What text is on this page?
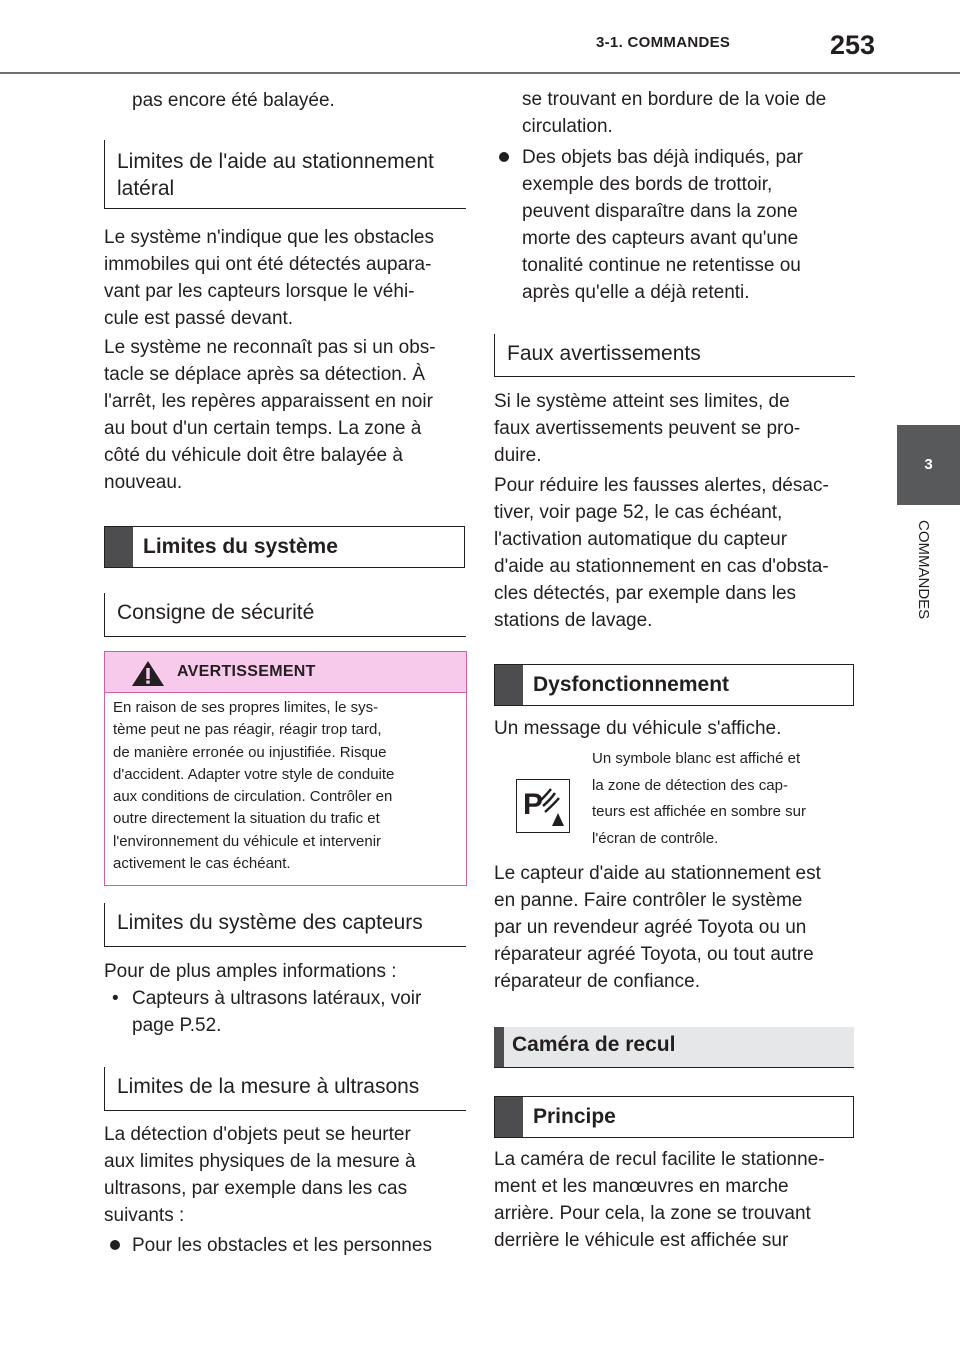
3-1. COMMANDES	253
3
COMMANDES
pas encore été balayée.
Limites de l'aide au stationnement
latéral
Le système n'indique que les obstacles
immobiles qui ont été détectés aupara-
vant par les capteurs lorsque le véhi-
cule est passé devant.
Le système ne reconnaît pas si un obs-
tacle se déplace après sa détection. À
l'arrêt, les repères apparaissent en noir
au bout d'un certain temps. La zone à
côté du véhicule doit être balayée à
nouveau.
Limites du système
Consigne de sécurité
AVERTISSEMENT
En raison de ses propres limites, le sys-
tème peut ne pas réagir, réagir trop tard,
de manière erronée ou injustifiée. Risque
d'accident. Adapter votre style de conduite
aux conditions de circulation. Contrôler en
outre directement la situation du trafic et
l'environnement du véhicule et intervenir
activement le cas échéant.
Limites du système des capteurs
Pour de plus amples informations :
• Capteurs à ultrasons latéraux, voir
page P.52.
Limites de la mesure à ultrasons
La détection d'objets peut se heurter
aux limites physiques de la mesure à
ultrasons, par exemple dans les cas
suivants :
Pour les obstacles et les personnes
se trouvant en bordure de la voie de
circulation.
Des objets bas déjà indiqués, par
exemple des bords de trottoir,
peuvent disparaître dans la zone
morte des capteurs avant qu'une
tonalité continue ne retentisse ou
après qu'elle a déjà retenti.
Faux avertissements
Si le système atteint ses limites, de
faux avertissements peuvent se pro-
duire.
Pour réduire les fausses alertes, désac-
tiver, voir page 52, le cas échéant,
l'activation automatique du capteur
d'aide au stationnement en cas d'obsta-
cles détectés, par exemple dans les
stations de lavage.
Dysfonctionnement
Un message du véhicule s'affiche.
P
Un symbole blanc est affiché et
la zone de détection des cap-
teurs est affichée en sombre sur
l'écran de contrôle.
Le capteur d'aide au stationnement est
en panne. Faire contrôler le système
par un revendeur agréé Toyota ou un
réparateur agréé Toyota, ou tout autre
réparateur de confiance.
Caméra de recul
Principe
La caméra de recul facilite le stationne-
ment et les manœuvres en marche
arrière. Pour cela, la zone se trouvant
derrière le véhicule est affichée sur
